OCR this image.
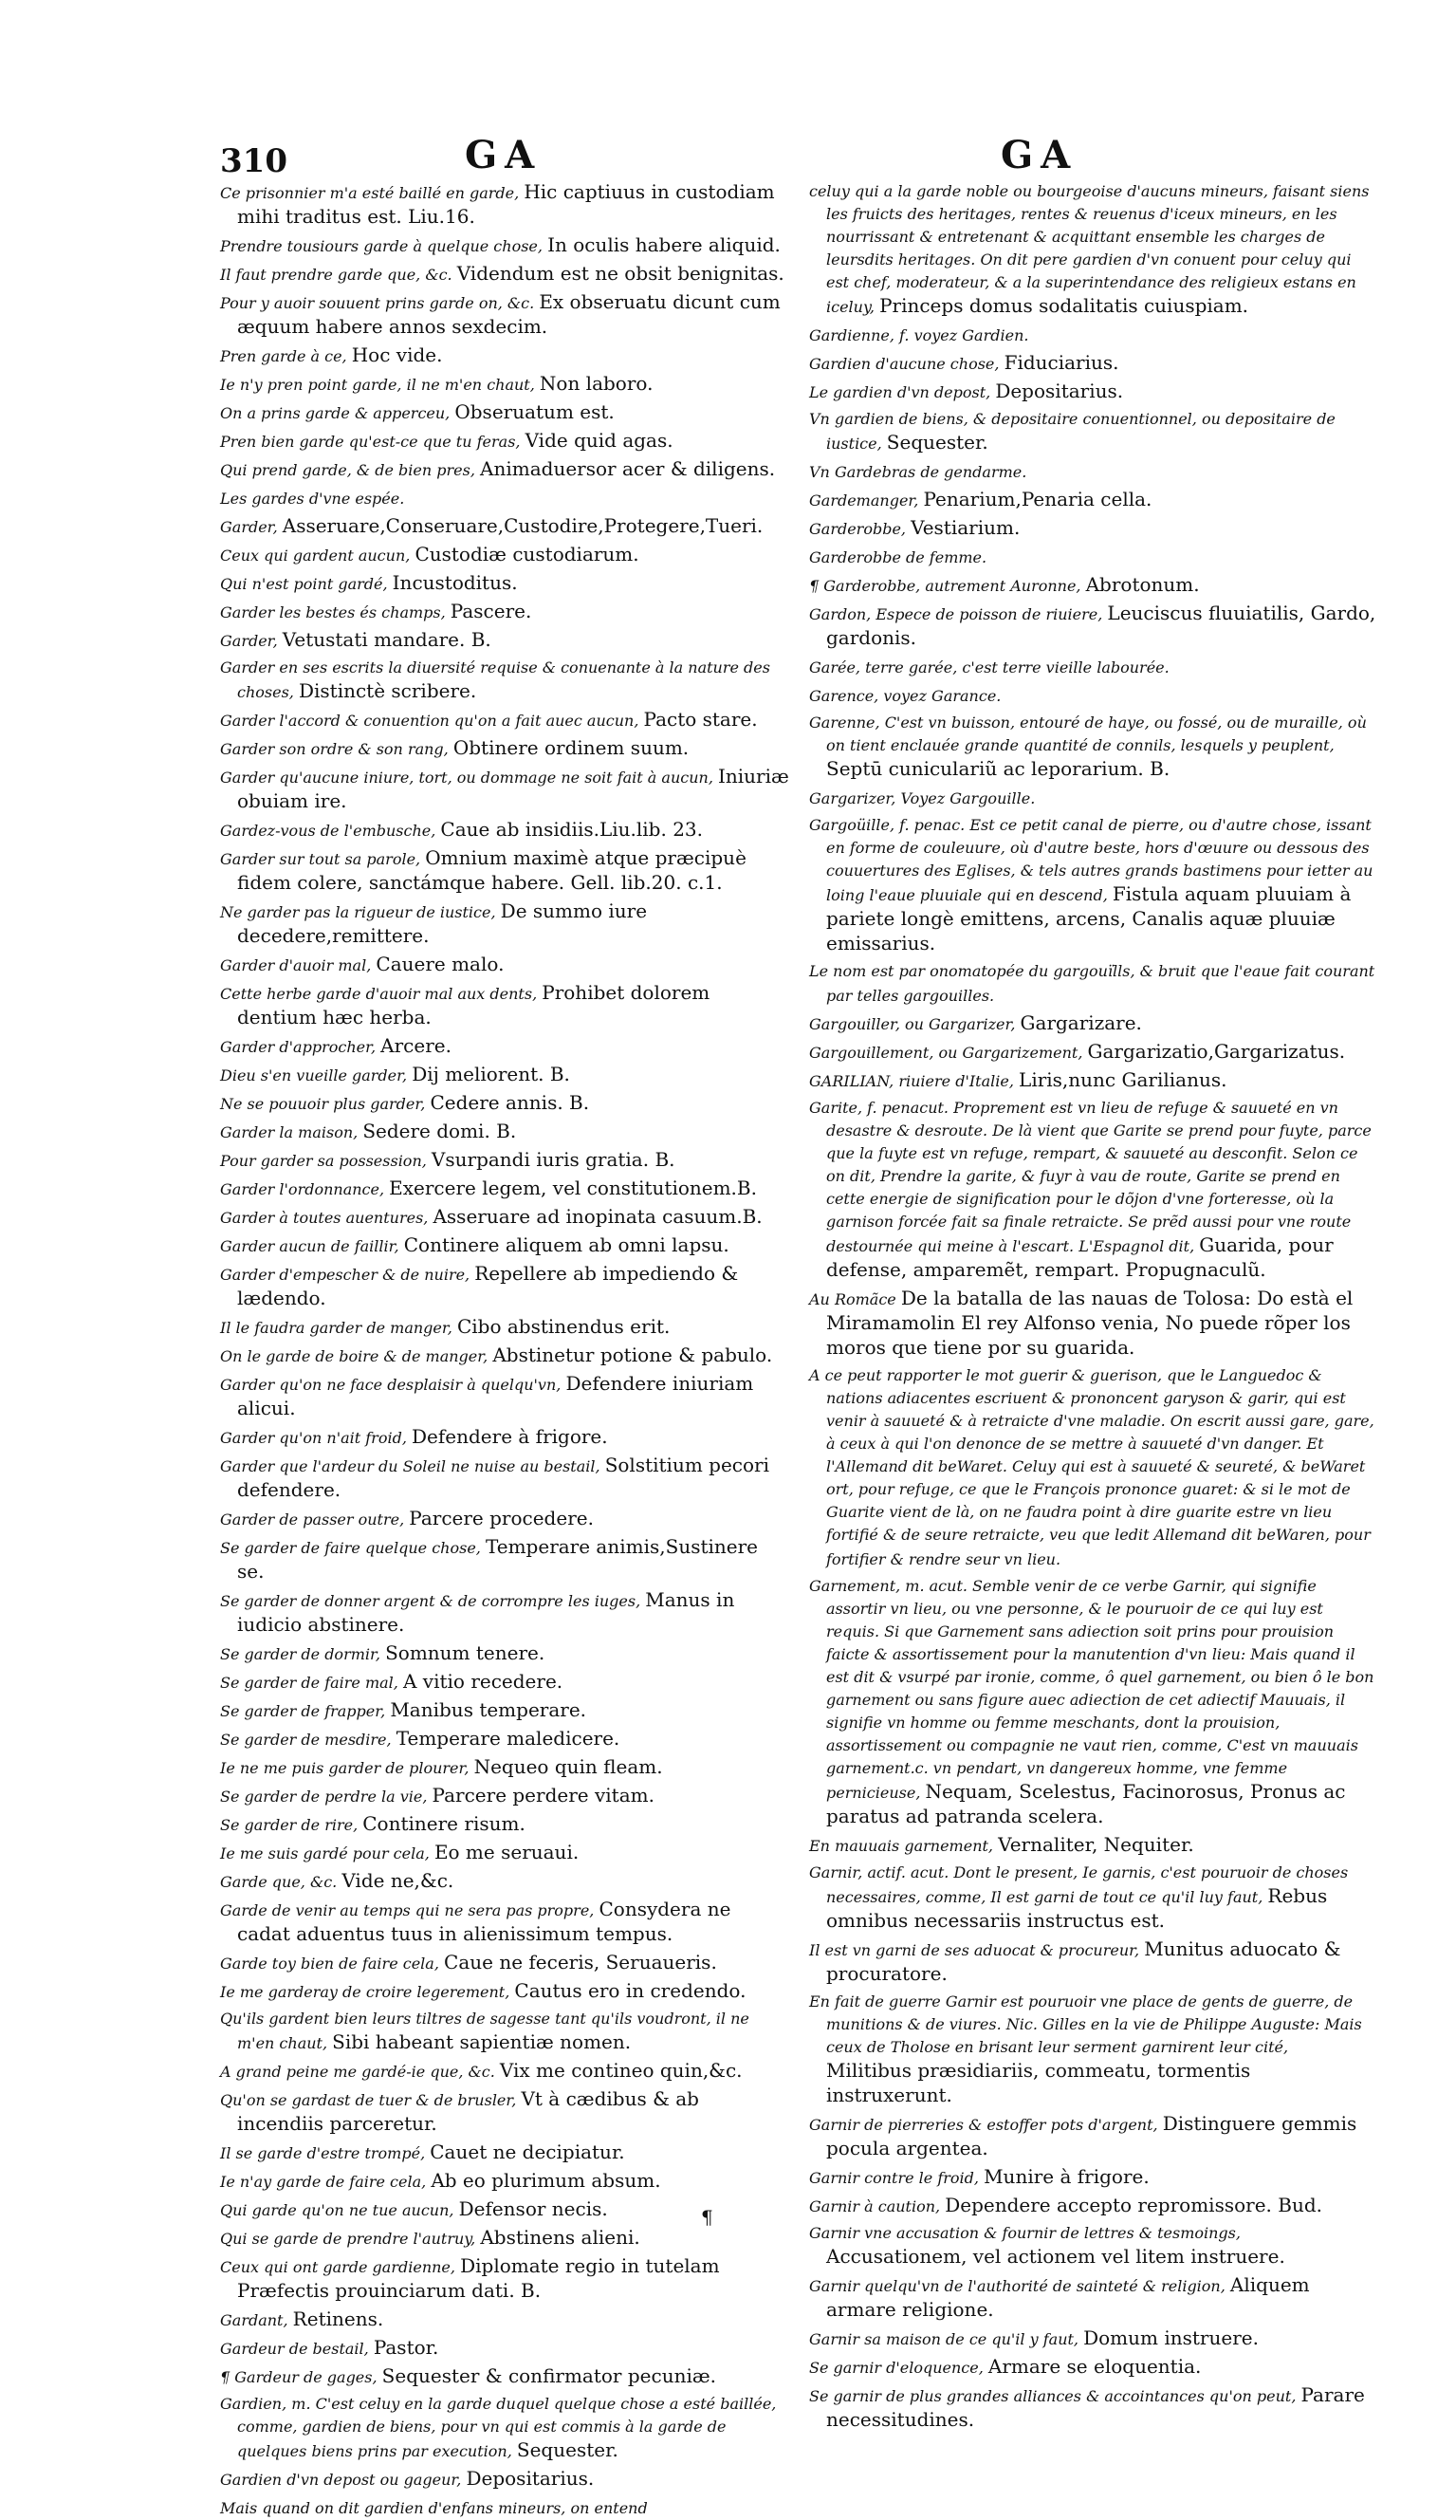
310	GA	GA

Ce prisonnier m'a esté baillé en garde, Hic captiuus in custodiam mihi traditus est. Liu.16.

Prendre tousiours garde à quelque chose, In oculis habere aliquid.

Il faut prendre garde que, &c. Videndum est ne obsit benignitas.

Pour y auoir souuent prins garde on, &c. Ex obseruatu dicunt cum æquum habere annos sexdecim.

Pren garde à ce, Hoc vide.

Ie n'y pren point garde, il ne m'en chaut, Non laboro.

On a prins garde & apperceu, Obseruatum est.

Pren bien garde qu'est-ce que tu feras, Vide quid agas.

Qui prend garde, & de bien pres, Animaduersor acer & diligens.

Les gardes d'vne espée.

Garder, Asseruare,Conseruare,Custodire,Protegere,Tueri.

Ceux qui gardent aucun, Custodiæ custodiarum.

Qui n'est point gardé, Incustoditus.

Garder les bestes és champs, Pascere.

Garder, Vetustati mandare. B.

Garder en ses escrits la diuersité requise & conuenante à la nature des choses, Distinctè scribere.

Garder l'accord & conuention qu'on a fait auec aucun, Pacto stare.

Garder son ordre & son rang, Obtinere ordinem suum.

Garder qu'aucune iniure, tort, ou dommage ne soit fait à aucun, Iniuriæ obuiam ire.

Gardez-vous de l'embusche, Caue ab insidiis.Liu.lib. 23.

Garder sur tout sa parole, Omnium maximè atque præcipuè fidem colere, sanctámque habere. Gell. lib.20. c.1.

Ne garder pas la rigueur de iustice, De summo iure decedere,remittere.

Garder d'auoir mal, Cauere malo.

Cette herbe garde d'auoir mal aux dents, Prohibet dolorem dentium hæc herba.

Garder d'approcher, Arcere.

Dieu s'en vueille garder, Dij meliorent. B.

Ne se pouuoir plus garder, Cedere annis. B.

Garder la maison, Sedere domi. B.

Pour garder sa possession, Vsurpandi iuris gratia. B.

Garder l'ordonnance, Exercere legem, vel constitutionem.B.

Garder à toutes auentures, Asseruare ad inopinata casuum.B.

Garder aucun de faillir, Continere aliquem ab omni lapsu.

Garder d'empescher & de nuire, Repellere ab impediendo & lædendo.

Il le faudra garder de manger, Cibo abstinendus erit.

On le garde de boire & de manger, Abstinetur potione & pabulo.

Garder qu'on ne face desplaisir à quelqu'vn, Defendere iniuriam alicui.

Garder qu'on n'ait froid, Defendere à frigore.

Garder que l'ardeur du Soleil ne nuise au bestail, Solstitium pecori defendere.

Garder de passer outre, Parcere procedere.

Se garder de faire quelque chose, Temperare animis,Sustinere se.

Se garder de donner argent & de corrompre les iuges, Manus in iudicio abstinere.

Se garder de dormir, Somnum tenere.

Se garder de faire mal, A vitio recedere.

Se garder de frapper, Manibus temperare.

Se garder de mesdire, Temperare maledicere.

Ie ne me puis garder de plourer, Nequeo quin fleam.

Se garder de perdre la vie, Parcere perdere vitam.

Se garder de rire, Continere risum.

Ie me suis gardé pour cela, Eo me seruaui.

Garde que, &c. Vide ne,&c.

Garde de venir au temps qui ne sera pas propre, Consydera ne cadat aduentus tuus in alienissimum tempus.

Garde toy bien de faire cela, Caue ne feceris, Seruaueris.

Ie me garderay de croire legerement, Cautus ero in credendo.

Qu'ils gardent bien leurs tiltres de sagesse tant qu'ils voudront, il ne m'en chaut, Sibi habeant sapientiæ nomen.

A grand peine me gardé-ie que, &c. Vix me contineo quin,&c.

Qu'on se gardast de tuer & de brusler, Vt à cædibus & ab incendiis parceretur.

Il se garde d'estre trompé, Cauet ne decipiatur.

Ie n'ay garde de faire cela, Ab eo plurimum absum.

Qui garde qu'on ne tue aucun, Defensor necis.

Qui se garde de prendre l'autruy, Abstinens alieni.

Ceux qui ont garde gardienne, Diplomate regio in tutelam Præfectis prouinciarum dati. B.

Gardant, Retinens.

Gardeur de bestail, Pastor.

¶ Gardeur de gages, Sequester & confirmator pecuniæ.

Gardien, m. C'est celuy en la garde duquel quelque chose a esté baillée, comme, gardien de biens, pour vn qui est commis à la garde de quelques biens prins par execution, Sequester.

Gardien d'vn depost ou gageur, Depositarius.

Mais quand on dit gardien d'enfans mineurs, on entend

celuy qui a la garde noble ou bourgeoise d'aucuns mineurs, faisant siens les fruicts des heritages, rentes & reuenus d'iceux mineurs, en les nourrissant & entretenant & acquittant ensemble les charges de leursdits heritages. On dit pere gardien d'vn conuent pour celuy qui est chef, moderateur, & a la superintendance des religieux estans en iceluy, Princeps domus sodalitatis cuiuspiam.

Gardienne, f. voyez Gardien.

Gardien d'aucune chose, Fiduciarius.

Le gardien d'vn depost, Depositarius.

Vn gardien de biens, & depositaire conuentionnel, ou depositaire de iustice, Sequester.

Vn Gardebras de gendarme.

Gardemanger, Penarium,Penaria cella.

Garderobbe, Vestiarium.

Garderobbe de femme.

¶ Garderobbe, autrement Auronne, Abrotonum.

Gardon, Espece de poisson de riuiere, Leuciscus fluuiatilis, Gardo, gardonis.

Garée, terre garée, c'est terre vieille labourée.

Garence, voyez Garance.

Garenne, C'est vn buisson, entouré de haye, ou fossé, ou de muraille, où on tient enclauée grande quantité de connils, lesquels y peuplent, Septū cuniculariũ ac leporarium. B.

Gargarizer, Voyez Gargouille.

Gargoüille, f. penac. Est ce petit canal de pierre, ou d'autre chose, issant en forme de couleuure, où d'autre beste, hors d'œuure ou dessous des couuertures des Eglises, & tels autres grands bastimens pour ietter au loing l'eaue pluuiale qui en descend, Fistula aquam pluuiam à pariete longè emittens, arcens, Canalis aquæ pluuiæ emissarius.

Le nom est par onomatopée du gargouïlls, & bruit que l'eaue fait courant par telles gargouilles.

Gargouiller, ou Gargarizer, Gargarizare.

Gargouillement, ou Gargarizement, Gargarizatio,Gargarizatus.

GARILIAN, riuiere d'Italie, Liris,nunc Garilianus.

Garite, f. penacut. Proprement est vn lieu de refuge & sauueté en vn desastre & desroute. De là vient que Garite se prend pour fuyte, parce que la fuyte est vn refuge, rempart, & sauueté au desconfit. Selon ce on dit, Prendre la garite, & fuyr à vau de route, Garite se prend en cette energie de signification pour le dõjon d'vne forteresse, où la garnison forcée fait sa finale retraicte. Se prẽd aussi pour vne route destournée qui meine à l'escart. L'Espagnol dit, Guarida, pour defense, amparemẽt, rempart. Propugnaculũ.

Au Romãce De la batalla de las nauas de Tolosa: Do està el Miramamolin El rey Alfonso venia, No puede rõper los moros que tiene por su guarida.

A ce peut rapporter le mot guerir & guerison, que le Languedoc & nations adiacentes escriuent & prononcent garyson & garir, qui est venir à sauueté & à retraicte d'vne maladie. On escrit aussi gare, gare, à ceux à qui l'on denonce de se mettre à sauueté d'vn danger. Et l'Allemand dit beWaret. Celuy qui est à sauueté & seureté, & beWaret ort, pour refuge, ce que le François prononce guaret: & si le mot de Guarite vient de là, on ne faudra point à dire guarite estre vn lieu fortifié & de seure retraicte, veu que ledit Allemand dit beWaren, pour fortifier & rendre seur vn lieu.

Garnement, m. acut. Semble venir de ce verbe Garnir, qui signifie assortir vn lieu, ou vne personne, & le pouruoir de ce qui luy est requis. Si que Garnement sans adiection soit prins pour prouision faicte & assortissement pour la manutention d'vn lieu: Mais quand il est dit & vsurpé par ironie, comme, ô quel garnement, ou bien ô le bon garnement ou sans figure auec adiection de cet adiectif Mauuais, il signifie vn homme ou femme meschants, dont la prouision, assortissement ou compagnie ne vaut rien, comme, C'est vn mauuais garnement.c. vn pendart, vn dangereux homme, vne femme pernicieuse, Nequam, Scelestus, Facinorosus, Pronus ac paratus ad patranda scelera.

En mauuais garnement, Vernaliter, Nequiter.

Garnir, actif. acut. Dont le present, Ie garnis, c'est pouruoir de choses necessaires, comme, Il est garni de tout ce qu'il luy faut, Rebus omnibus necessariis instructus est.

Il est vn garni de ses aduocat & procureur, Munitus aduocato & procuratore.

En fait de guerre Garnir est pouruoir vne place de gents de guerre, de munitions & de viures. Nic. Gilles en la vie de Philippe Auguste: Mais ceux de Tholose en brisant leur serment garnirent leur cité, Militibus præsidiariis, commeatu, tormentis instruxerunt.

Garnir de pierreries & estoffer pots d'argent, Distinguere gemmis pocula argentea.

Garnir contre le froid, Munire à frigore.

Garnir à caution, Dependere accepto repromissore. Bud.

Garnir vne accusation & fournir de lettres & tesmoings, Accusationem, vel actionem vel litem instruere.

Garnir quelqu'vn de l'authorité de sainteté & religion, Aliquem armare religione.

Garnir sa maison de ce qu'il y faut, Domum instruere.

Se garnir d'eloquence, Armare se eloquentia.

Se garnir de plus grandes alliances & accointances qu'on peut, Parare necessitudines.

¶
